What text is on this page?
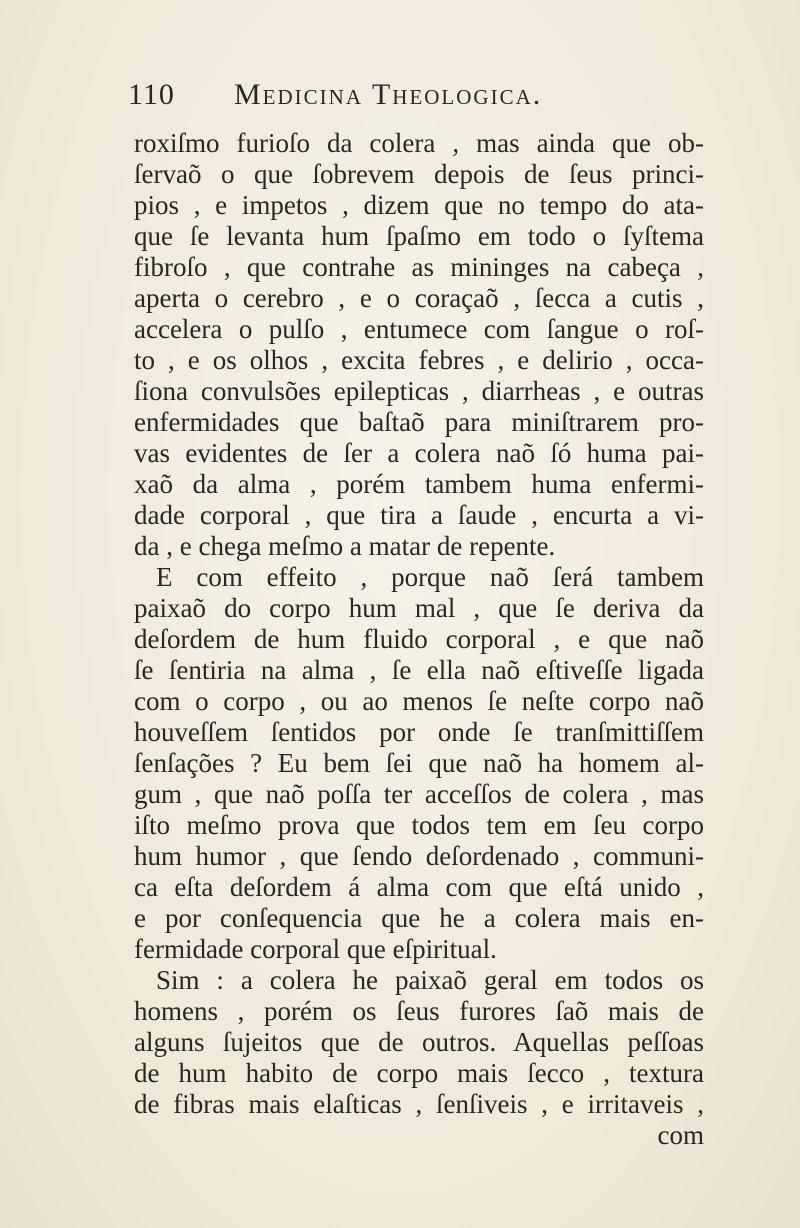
110 Medicina Theologica.
roxiſmo furioſo da colera , mas ainda que ob-
ſervaõ o que ſobrevem depois de ſeus princi-
pios , e impetos , dizem que no tempo do ata-
que ſe levanta hum ſpaſmo em todo o ſyſtema
fibroſo , que contrahe as mininges na cabeça ,
aperta o cerebro , e o coraçaõ , ſecca a cutis ,
accelera o pulſo , entumece com ſangue o roſ-
to , e os olhos , excita febres , e delirio , occa-
ſiona convulsões epilepticas , diarrheas , e outras
enfermidades que baſtaõ para miniſtrarem pro-
vas evidentes de ſer a colera naõ ſó huma pai-
xaõ da alma , porém tambem huma enfermi-
dade corporal , que tira a ſaude , encurta a vi-
da , e chega meſmo a matar de repente.
E com effeito , porque naõ ſerá tambem
paixaõ do corpo hum mal , que ſe deriva da
deſordem de hum fluido corporal , e que naõ
ſe ſentiria na alma , ſe ella naõ eſtiveſſe ligada
com o corpo , ou ao menos ſe neſte corpo naõ
houveſſem ſentidos por onde ſe tranſmittiſſem
ſenſações ? Eu bem ſei que naõ ha homem al-
gum , que naõ poſſa ter acceſſos de colera , mas
iſto meſmo prova que todos tem em ſeu corpo
hum humor , que ſendo deſordenado , communi-
ca eſta deſordem á alma com que eſtá unido ,
e por conſequencia que he a colera mais en-
fermidade corporal que eſpiritual.
Sim : a colera he paixaõ geral em todos os
homens , porém os ſeus furores ſaõ mais de
alguns ſujeitos que de outros. Aquellas peſſoas
de hum habito de corpo mais ſecco , textura
de fibras mais elaſticas , ſenſiveis , e irritaveis ,
com
